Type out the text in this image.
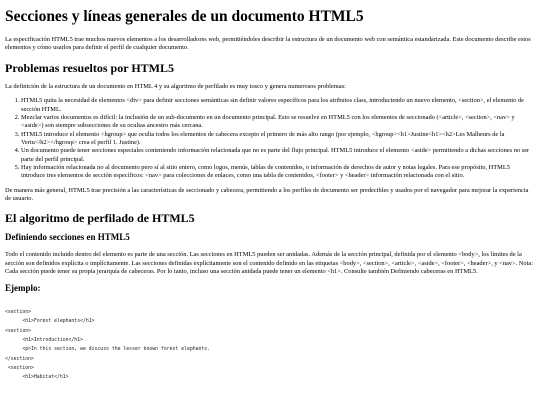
Secciones y líneas generales de un documento HTML5

La especificación HTML5 trae muchos nuevos elementos a los desarrolladores web, permitiéndoles describir la estructura de un documento web con semántica estandarizada. Este documento describe estos elementos y cómo usarlos para definir el perfil de cualquier documento.

Problemas resueltos por HTML5

La definición de la estructura de un documento en HTML 4 y su algoritmo de perfilado es muy tosco y genera numerosos problemas:

1. HTML5 quita la necesidad de elementos <div> para definir secciones semánticas sin definir valores específicos para los atributos class, introduciendo un nuevo elemento, <section>, el elemento de sección HTML.
2. Mezclar varios documentos es difícil: la inclusión de un sub-documento en un documento principal. Esto se resuelve en HTML5 con los elementos de seccionado (<article>, <section>, <nav> y <aside>) son siempre subsecciones de su ocultas ancestro más cercana.
3. HTML5 introduce el elemento <hgroup> que oculta todos los elementos de cabecera excepto el primero de más alto rango (por ejemplo, <hgroup><h1>Justine<h1><h2>Les Malheurs de la Vertu</h2></hgroup> crea el perfil 1. Justine).
4. Un documento puede tener secciones especiales conteniendo información relacionada que no es parte del flujo principal. HTML5 introduce el elemento <aside> permitiendo a dichas secciones no ser parte del perfil principal.
5. Hay información relacionada no al documento pero sí al sitio entero, como logos, menús, tablas de contenidos, o información de derechos de autor y notas legales. Para ese propósito, HTML5 introduce tres elementos de sección específicos: <nav> para colecciones de enlaces, como una tabla de contenidos, <footer> y <header> información relacionada con el sitio.

De manera más general, HTML5 trae precisión a las características de seccionado y cabecera, permitiendo a los perfiles de documento ser predecibles y usados por el navegador para mejorar la experiencia de usuario.

El algoritmo de perfilado de HTML5
Definiendo secciones en HTML5

Todo el contenido incluido dentro del elemento es parte de una sección. Las secciones en HTML5 pueden ser anidadas. Además de la sección principal, definida por el elemento <body>, los límites de la sección son definidos explícita o implícitamente. Las secciones definidas explícitamente son el contenido definido en las etiquetas <body>, <section>, <article>, <aside>, <footer>, <header>, y <nav>. Nota: Cada sección puede tener su propia jerarquía de cabeceras. Por lo tanto, incluso una sección anidada puede tener un elemento <h1>. Consulte también Definiendo cabeceras en HTML5.

Ejemplo:
<section>
<h1>Forest elephants</h1>
<section>
<h1>Introduction</h1>
<p>In this section, we discuss the lesser known forest elephants.
</section>
<section>
<h1>Habitat</h1>
